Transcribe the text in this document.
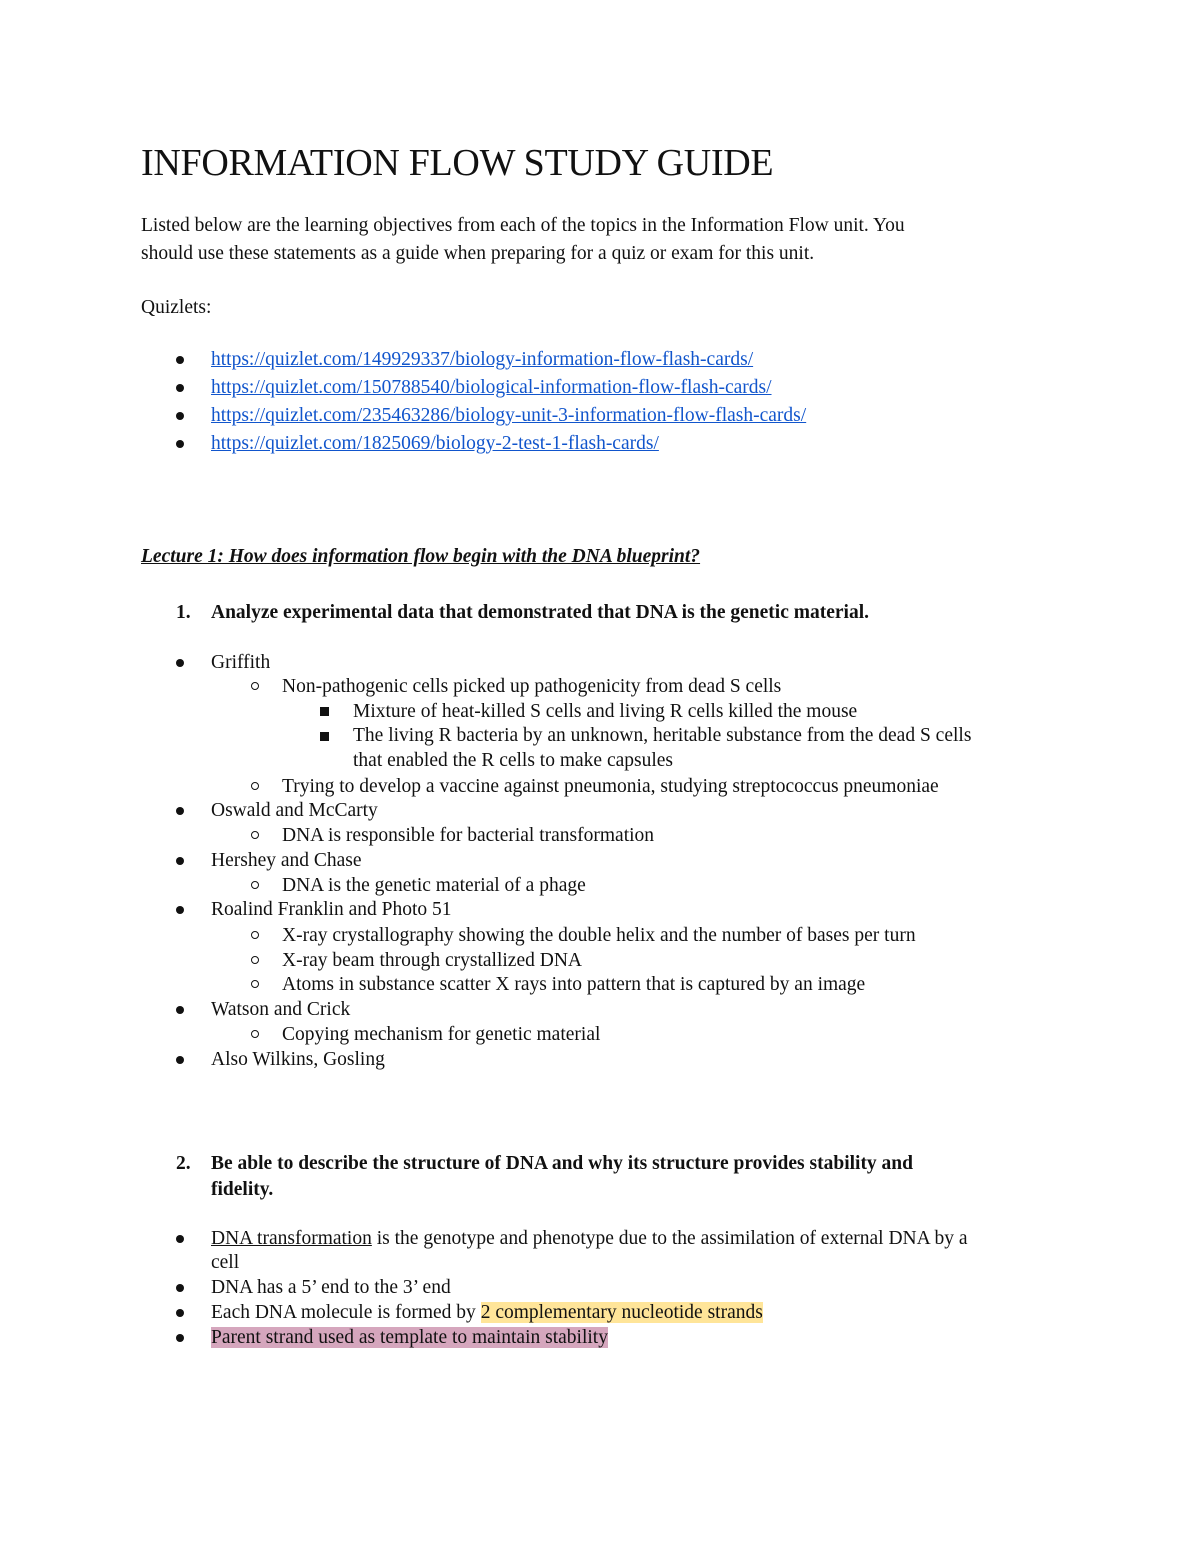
INFORMATION FLOW STUDY GUIDE
Listed below are the learning objectives from each of the topics in the Information Flow unit. You
should use these statements as a guide when preparing for a quiz or exam for this unit.
Quizlets:
https://quizlet.com/149929337/biology-information-flow-flash-cards/
https://quizlet.com/150788540/biological-information-flow-flash-cards/
https://quizlet.com/235463286/biology-unit-3-information-flow-flash-cards/
https://quizlet.com/1825069/biology-2-test-1-flash-cards/
Lecture 1: How does information flow begin with the DNA blueprint?
1. Analyze experimental data that demonstrated that DNA is the genetic material.
Griffith
Non-pathogenic cells picked up pathogenicity from dead S cells
Mixture of heat-killed S cells and living R cells killed the mouse
The living R bacteria by an unknown, heritable substance from the dead S cells
that enabled the R cells to make capsules
Trying to develop a vaccine against pneumonia, studying streptococcus pneumoniae
Oswald and McCarty
DNA is responsible for bacterial transformation
Hershey and Chase
DNA is the genetic material of a phage
Roalind Franklin and Photo 51
X-ray crystallography showing the double helix and the number of bases per turn
X-ray beam through crystallized DNA
Atoms in substance scatter X rays into pattern that is captured by an image
Watson and Crick
Copying mechanism for genetic material
Also Wilkins, Gosling
2. Be able to describe the structure of DNA and why its structure provides stability and
fidelity.
DNA transformation is the genotype and phenotype due to the assimilation of external DNA by a
cell
DNA has a 5’ end to the 3’ end
Each DNA molecule is formed by 2 complementary nucleotide strands
Parent strand used as template to maintain stability
